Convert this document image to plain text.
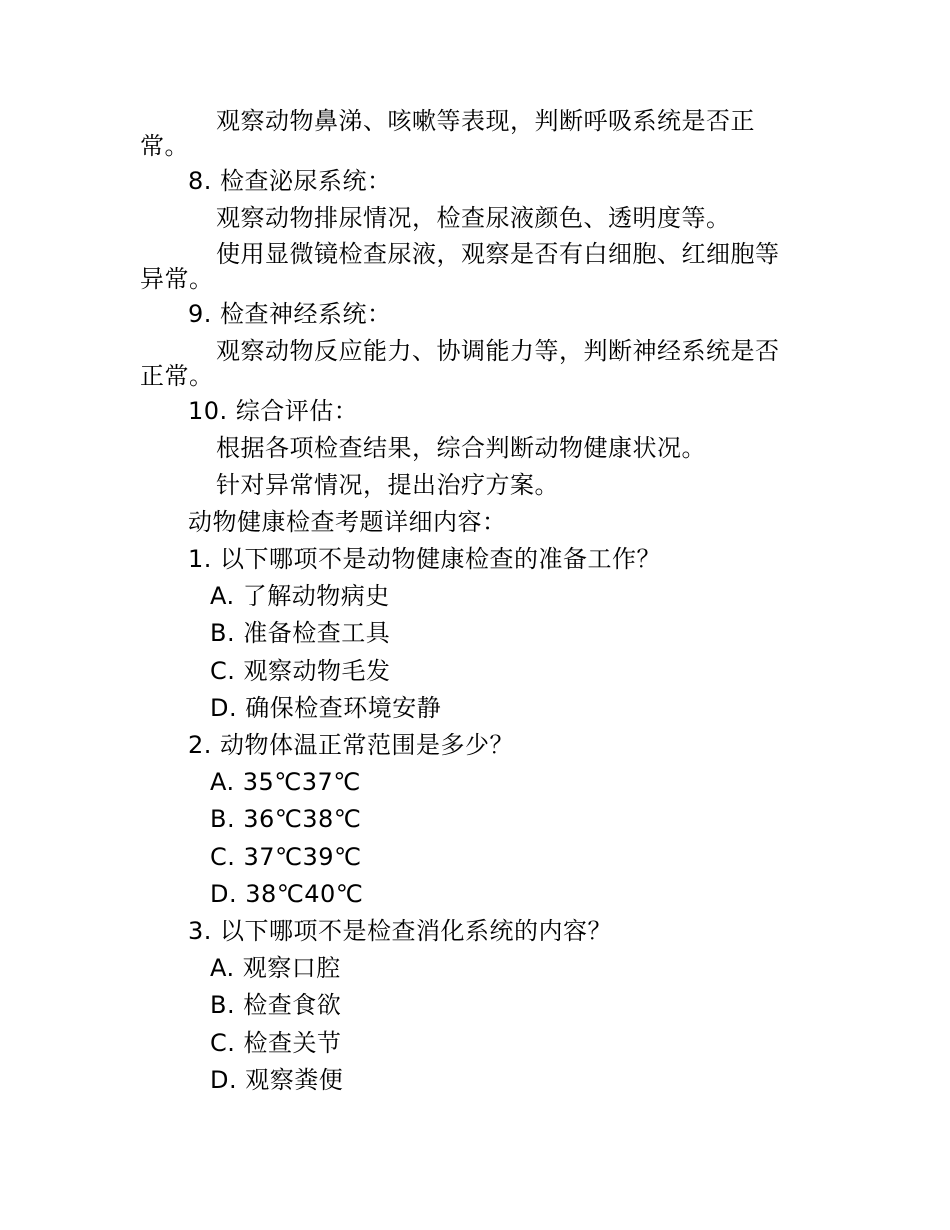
观察动物鼻涕、咳嗽等表现，判断呼吸系统是否正
常。
8. 检查泌尿系统：
观察动物排尿情况，检查尿液颜色、透明度等。
使用显微镜检查尿液，观察是否有白细胞、红细胞等
异常。
9. 检查神经系统：
观察动物反应能力、协调能力等，判断神经系统是否
正常。
10. 综合评估：
根据各项检查结果，综合判断动物健康状况。
针对异常情况，提出治疗方案。
动物健康检查考题详细内容：
1. 以下哪项不是动物健康检查的准备工作？
A. 了解动物病史
B. 准备检查工具
C. 观察动物毛发
D. 确保检查环境安静
2. 动物体温正常范围是多少？
A. 35℃37℃
B. 36℃38℃
C. 37℃39℃
D. 38℃40℃
3. 以下哪项不是检查消化系统的内容？
A. 观察口腔
B. 检查食欲
C. 检查关节
D. 观察粪便
